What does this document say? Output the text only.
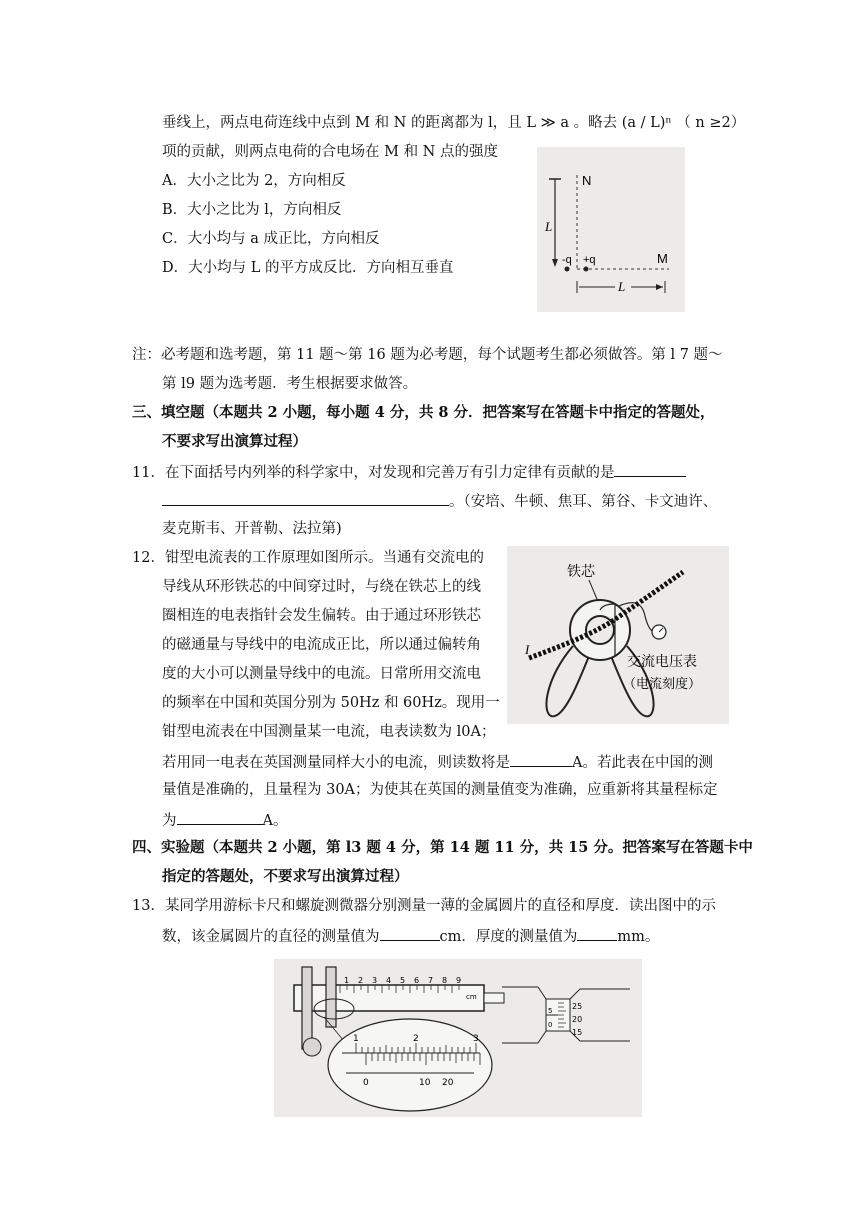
垂线上，两点电荷连线中点到 M 和 N 的距离都为 l，且 L ≫ a 。略去 (a / L)ⁿ （ n ≥2）
项的贡献，则两点电荷的合电场在 M 和 N 点的强度
A．大小之比为 2，方向相反
B．大小之比为 l，方向相反
C．大小均与 a 成正比，方向相反
D．大小均与 L 的平方成反比．方向相互垂直
N
L
-q +q	M
L
注：必考题和选考题，第 11 题～第 16 题为必考题，每个试题考生都必须做答。第 l 7 题～
第 l9 题为选考题．考生根据要求做答。
三、填空题（本题共 2 小题，每小题 4 分，共 8 分．把答案写在答题卡中指定的答题处，
不要求写出演算过程）
11．在下面括号内列举的科学家中，对发现和完善万有引力定律有贡献的是
。（安培、牛顿、焦耳、第谷、卡文迪许、
麦克斯韦、开普勒、法拉第)
12．钳型电流表的工作原理如图所示。当通有交流电的
导线从环形铁芯的中间穿过时，与绕在铁芯上的线
圈相连的电表指针会发生偏转。由于通过环形铁芯
的磁通量与导线中的电流成正比，所以通过偏转角
度的大小可以测量导线中的电流。日常所用交流电
的频率在中国和英国分别为 50Hz 和 60Hz。现用一
钳型电流表在中国测量某一电流，电表读数为 l0A；
若用同一电表在英国测量同样大小的电流，则读数将是	A。若此表在中国的测
量值是准确的，且量程为 30A；为使其在英国的测量值变为准确，应重新将其量程标定
为	A。
铁芯
I
交流电压表
（电流刻度）
四、实验题（本题共 2 小题，第 l3 题 4 分，第 14 题 11 分，共 15 分。把答案写在答题卡中
指定的答题处，不要求写出演算过程）
13．某同学用游标卡尺和螺旋测微器分别测量一薄的金属圆片的直径和厚度．读出图中的示
数，该金属圆片的直径的测量值为	cm．厚度的测量值为	mm。
1 2 3 4 5 6 7 8 9
cm
1	2	3
0	10 20
25
20
15
0
5
